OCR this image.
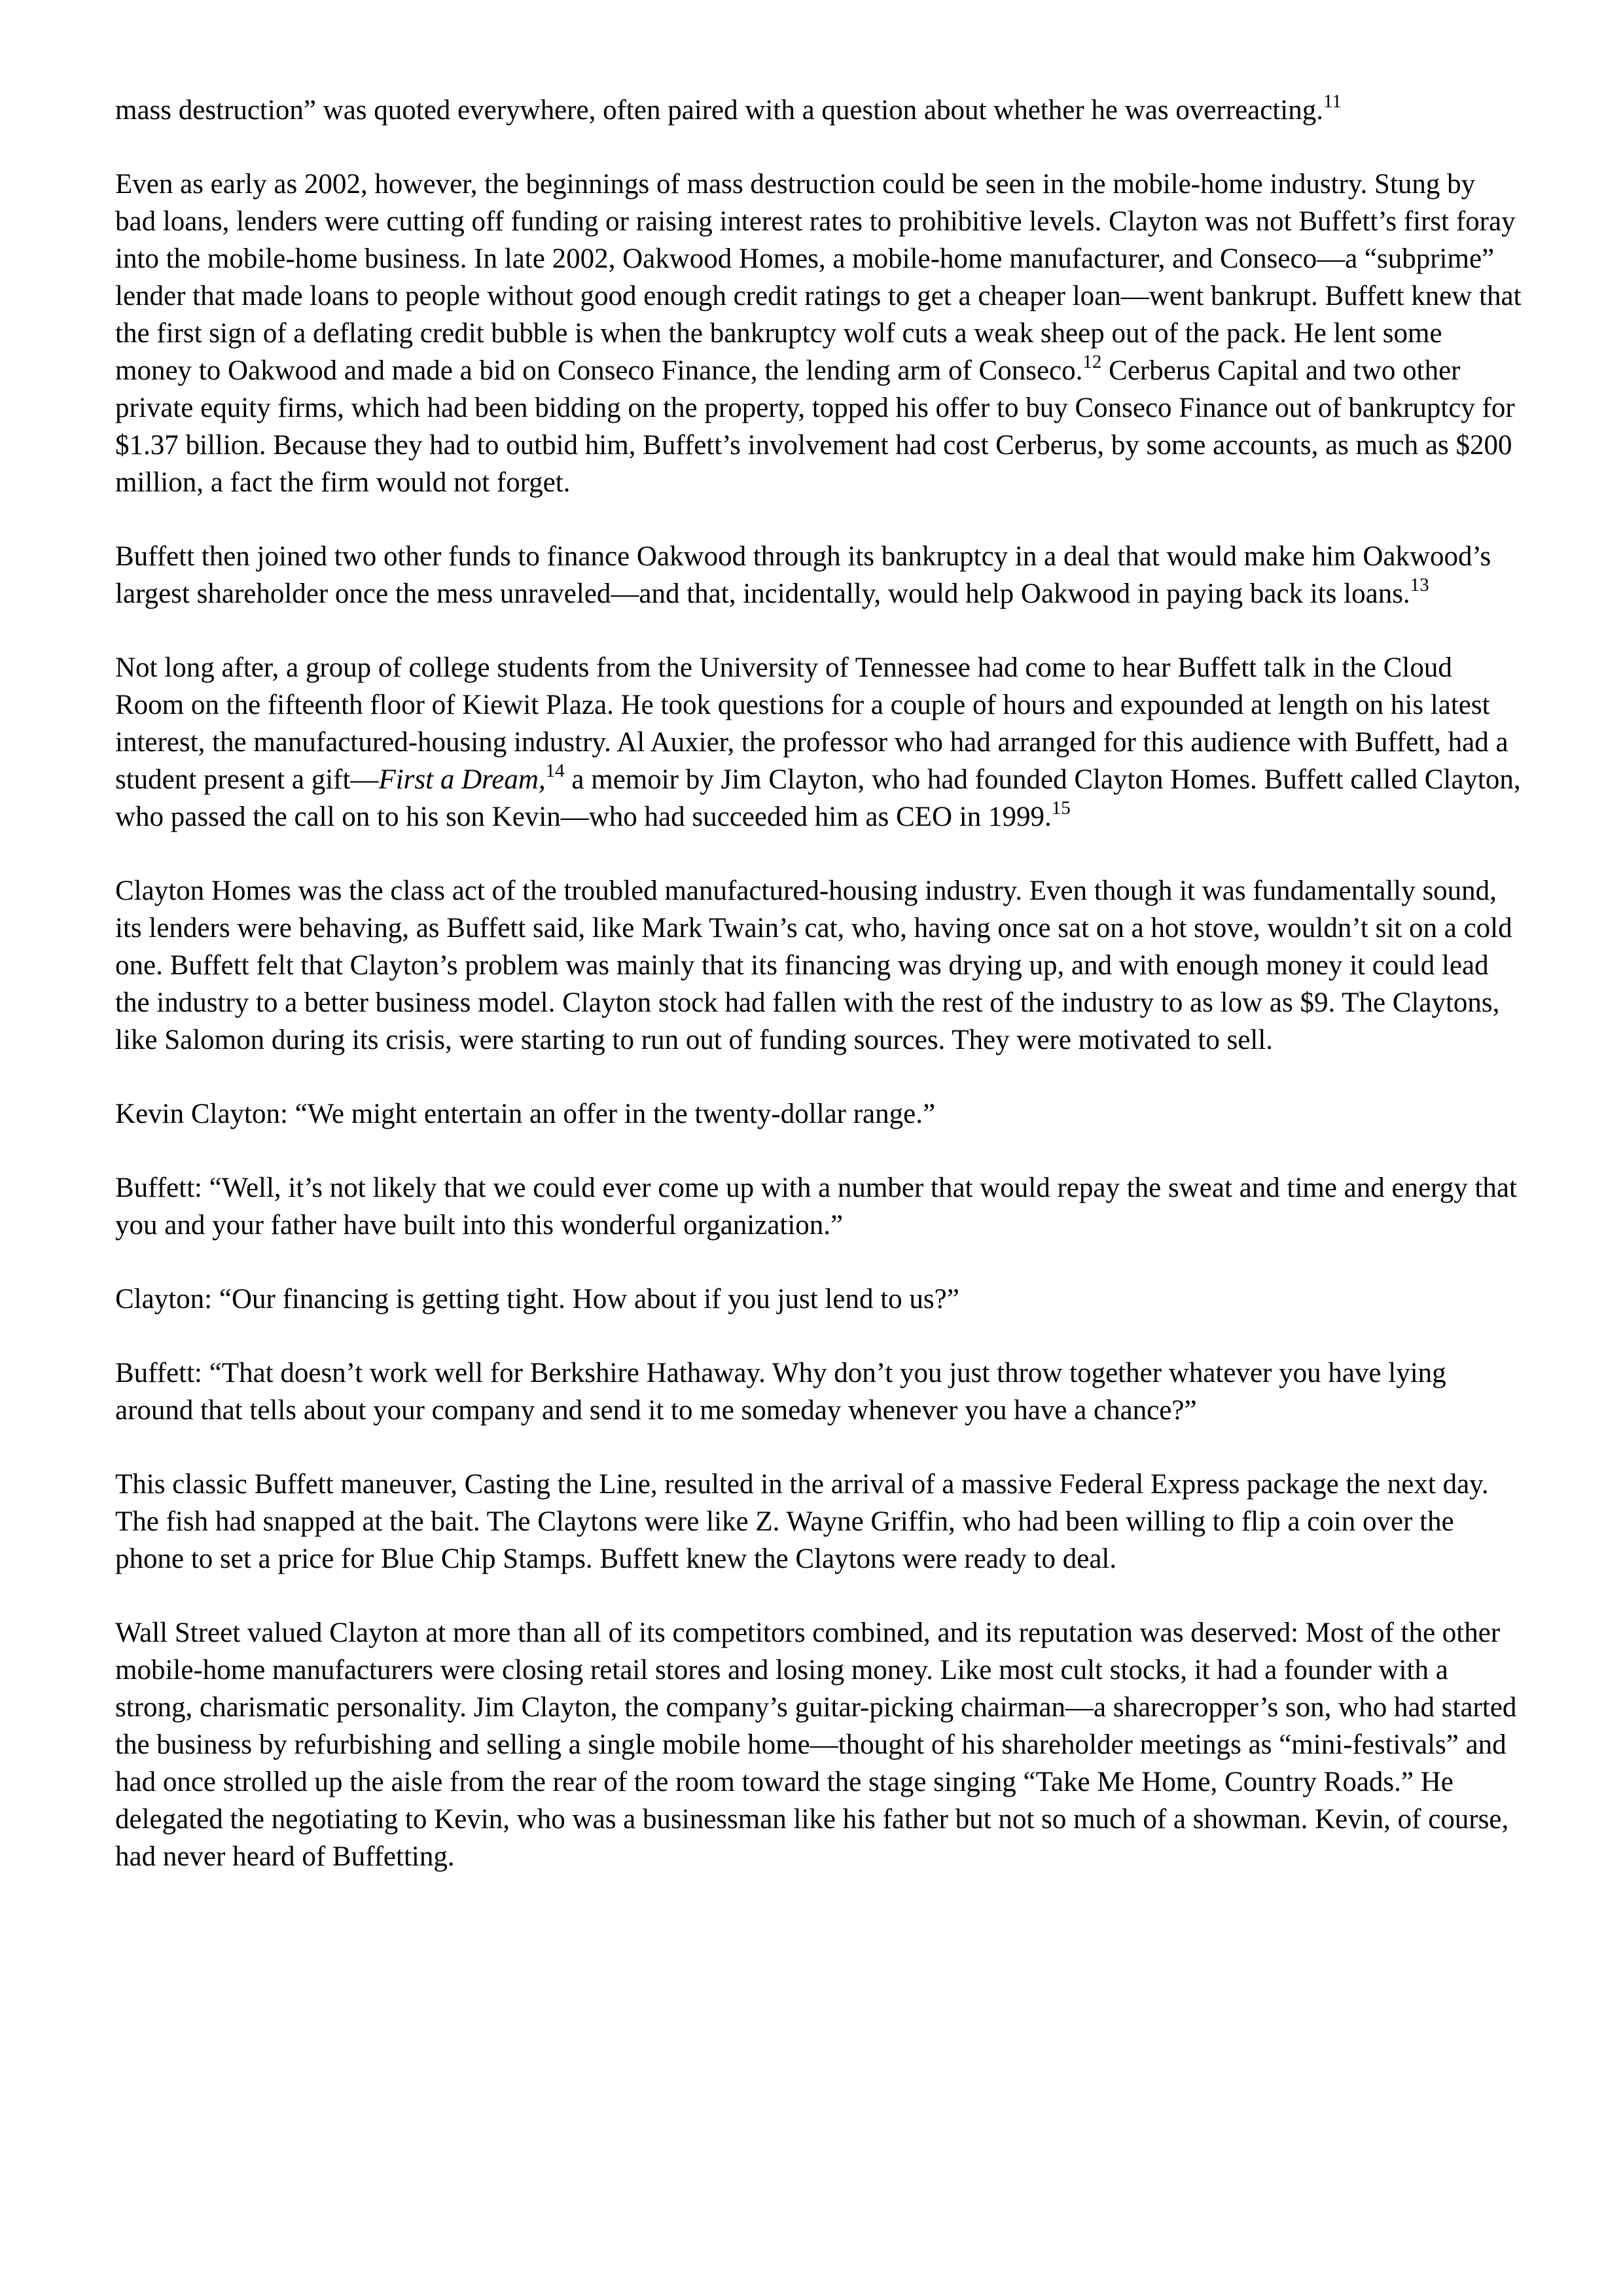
mass destruction” was quoted everywhere, often paired with a question about whether he was overreacting.$^{11}$

Even as early as 2002, however, the beginnings of mass destruction could be seen in the mobile-home industry. Stung by bad loans, lenders were cutting off funding or raising interest rates to prohibitive levels. Clayton was not Buffett’s first foray into the mobile-home business. In late 2002, Oakwood Homes, a mobile-home manufacturer, and Conseco—a “subprime” lender that made loans to people without good enough credit ratings to get a cheaper loan—went bankrupt. Buffett knew that the first sign of a deflating credit bubble is when the bankruptcy wolf cuts a weak sheep out of the pack. He lent some money to Oakwood and made a bid on Conseco Finance, the lending arm of Conseco.$^{12}$ Cerberus Capital and two other private equity firms, which had been bidding on the property, topped his offer to buy Conseco Finance out of bankruptcy for $1.37 billion. Because they had to outbid him, Buffett’s involvement had cost Cerberus, by some accounts, as much as $200 million, a fact the firm would not forget.

Buffett then joined two other funds to finance Oakwood through its bankruptcy in a deal that would make him Oakwood’s largest shareholder once the mess unraveled—and that, incidentally, would help Oakwood in paying back its loans.$^{13}$

Not long after, a group of college students from the University of Tennessee had come to hear Buffett talk in the Cloud Room on the fifteenth floor of Kiewit Plaza. He took questions for a couple of hours and expounded at length on his latest interest, the manufactured-housing industry. Al Auxier, the professor who had arranged for this audience with Buffett, had a student present a gift—First a Dream,$^{14}$ a memoir by Jim Clayton, who had founded Clayton Homes. Buffett called Clayton, who passed the call on to his son Kevin—who had succeeded him as CEO in 1999.15

Clayton Homes was the class act of the troubled manufactured-housing industry. Even though it was fundamentally sound, its lenders were behaving, as Buffett said, like Mark Twain’s cat, who, having once sat on a hot stove, wouldn’t sit on a cold one. Buffett felt that Clayton’s problem was mainly that its financing was drying up, and with enough money it could lead the industry to a better business model. Clayton stock had fallen with the rest of the industry to as low as $9. The Claytons, like Salomon during its crisis, were starting to run out of funding sources. They were motivated to sell.

Kevin Clayton: “We might entertain an offer in the twenty-dollar range.”

Buffett: “Well, it’s not likely that we could ever come up with a number that would repay the sweat and time and energy that you and your father have built into this wonderful organization.”

Clayton: “Our financing is getting tight. How about if you just lend to us?”

Buffett: “That doesn’t work well for Berkshire Hathaway. Why don’t you just throw together whatever you have lying around that tells about your company and send it to me someday whenever you have a chance?”

This classic Buffett maneuver, Casting the Line, resulted in the arrival of a massive Federal Express package the next day. The fish had snapped at the bait. The Claytons were like Z. Wayne Griffin, who had been willing to flip a coin over the phone to set a price for Blue Chip Stamps. Buffett knew the Claytons were ready to deal.

Wall Street valued Clayton at more than all of its competitors combined, and its reputation was deserved: Most of the other mobile-home manufacturers were closing retail stores and losing money. Like most cult stocks, it had a founder with a strong, charismatic personality. Jim Clayton, the company’s guitar-picking chairman—a sharecropper’s son, who had started the business by refurbishing and selling a single mobile home—thought of his shareholder meetings as “mini-festivals” and had once strolled up the aisle from the rear of the room toward the stage singing “Take Me Home, Country Roads.” He delegated the negotiating to Kevin, who was a businessman like his father but not so much of a showman. Kevin, of course, had never heard of Buffetting.
